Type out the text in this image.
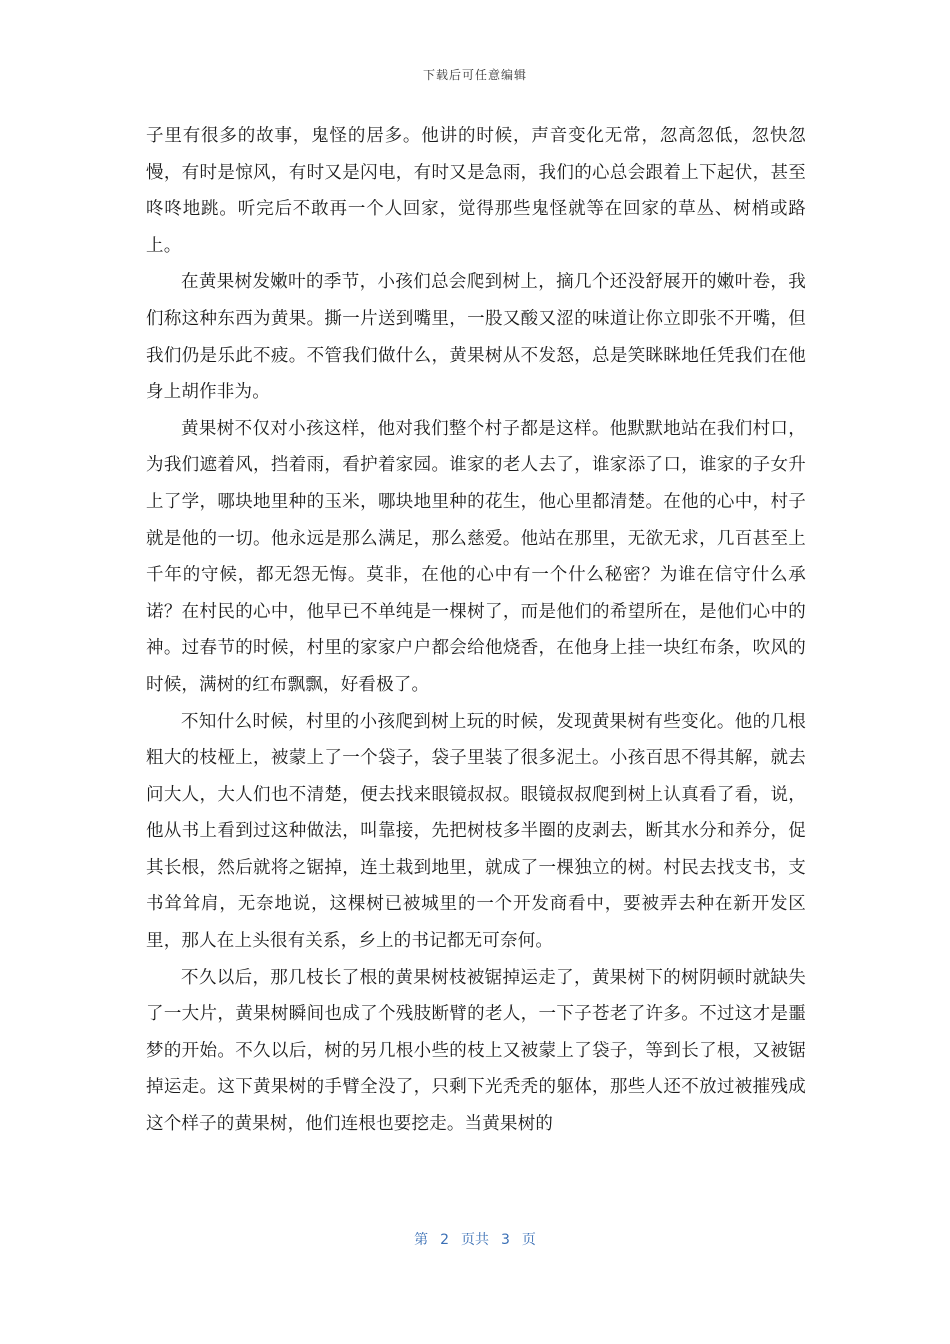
下载后可任意编辑

子里有很多的故事，鬼怪的居多。他讲的时候，声音变化无常，忽高忽低，忽快忽慢，有时是惊风，有时又是闪电，有时又是急雨，我们的心总会跟着上下起伏，甚至咚咚地跳。听完后不敢再一个人回家，觉得那些鬼怪就等在回家的草丛、树梢或路上。

在黄果树发嫩叶的季节，小孩们总会爬到树上，摘几个还没舒展开的嫩叶卷，我们称这种东西为黄果。撕一片送到嘴里，一股又酸又涩的味道让你立即张不开嘴，但我们仍是乐此不疲。不管我们做什么，黄果树从不发怒，总是笑眯眯地任凭我们在他身上胡作非为。

黄果树不仅对小孩这样，他对我们整个村子都是这样。他默默地站在我们村口，为我们遮着风，挡着雨，看护着家园。谁家的老人去了，谁家添了口，谁家的子女升上了学，哪块地里种的玉米，哪块地里种的花生，他心里都清楚。在他的心中，村子就是他的一切。他永远是那么满足，那么慈爱。他站在那里，无欲无求，几百甚至上千年的守候，都无怨无悔。莫非，在他的心中有一个什么秘密？为谁在信守什么承诺？在村民的心中，他早已不单纯是一棵树了，而是他们的希望所在，是他们心中的神。过春节的时候，村里的家家户户都会给他烧香，在他身上挂一块红布条，吹风的时候，满树的红布飘飘，好看极了。

不知什么时候，村里的小孩爬到树上玩的时候，发现黄果树有些变化。他的几根粗大的枝桠上，被蒙上了一个袋子，袋子里装了很多泥土。小孩百思不得其解，就去问大人，大人们也不清楚，便去找来眼镜叔叔。眼镜叔叔爬到树上认真看了看，说，他从书上看到过这种做法，叫靠接，先把树枝多半圈的皮剥去，断其水分和养分，促其长根，然后就将之锯掉，连土栽到地里，就成了一棵独立的树。村民去找支书，支书耸耸肩，无奈地说，这棵树已被城里的一个开发商看中，要被弄去种在新开发区里，那人在上头很有关系，乡上的书记都无可奈何。

不久以后，那几枝长了根的黄果树枝被锯掉运走了，黄果树下的树阴顿时就缺失了一大片，黄果树瞬间也成了个残肢断臂的老人，一下子苍老了许多。不过这才是噩梦的开始。不久以后，树的另几根小些的枝上又被蒙上了袋子，等到长了根，又被锯掉运走。这下黄果树的手臂全没了，只剩下光秃秃的躯体，那些人还不放过被摧残成这个样子的黄果树，他们连根也要挖走。当黄果树的

第 2 页共 3 页
